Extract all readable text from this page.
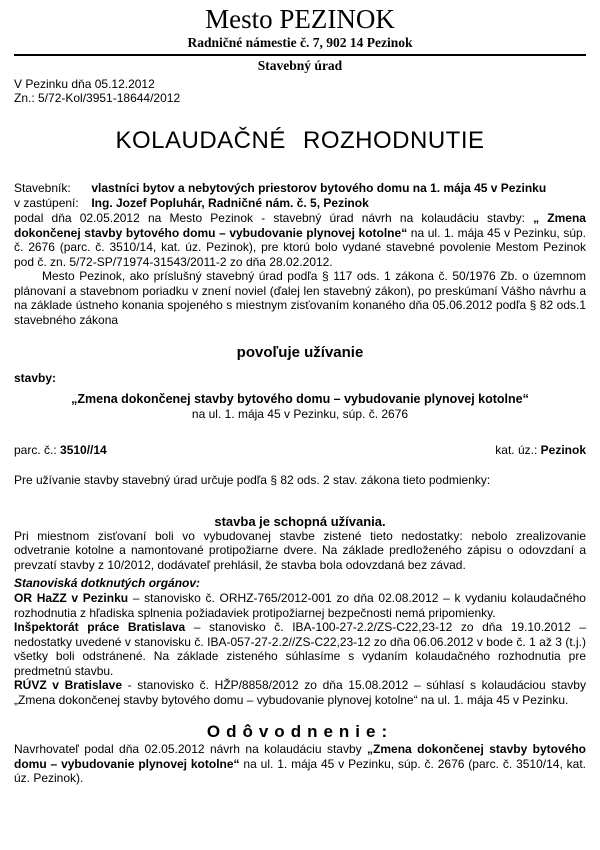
Mesto PEZINOK
Radničné námestie č. 7, 902 14 Pezinok
Stavebný úrad
V Pezinku dňa 05.12.2012
Zn.: 5/72-Kol/3951-18644/2012
KOLAUDAČNÉ ROZHODNUTIE
Stavebník: vlastníci bytov a nebytových priestorov bytového domu na 1. mája 45 v Pezinku
v zastúpení: Ing. Jozef Popluhár, Radničné nám. č. 5, Pezinok

podal dňa 02.05.2012 na Mesto Pezinok - stavebný úrad návrh na kolaudáciu stavby: „ Zmena dokončenej stavby bytového domu – vybudovanie plynovej kotolne“ na ul. 1. mája 45 v Pezinku, súp. č. 2676 (parc. č. 3510/14, kat. úz. Pezinok), pre ktorú bolo vydané stavebné povolenie Mestom Pezinok pod č. zn. 5/72-SP/71974-31543/2011-2 zo dňa 28.02.2012.

Mesto Pezinok, ako príslušný stavebný úrad podľa § 117 ods. 1 zákona č. 50/1976 Zb. o územnom plánovaní a stavebnom poriadku v znení noviel (ďalej len stavebný zákon), po preskúmaní Vášho návrhu a na základe ústneho konania spojeného s miestnym zisťovaním konaného dňa 05.06.2012 podľa § 82 ods.1 stavebného zákona

povoľuje užívanie
stavby:
„Zmena dokončenej stavby bytového domu – vybudovanie plynovej kotolne“
na ul. 1. mája 45 v Pezinku, súp. č. 2676
parc. č.: 3510//14	kat. úz.: Pezinok
Pre užívanie stavby stavebný úrad určuje podľa § 82 ods. 2 stav. zákona tieto podmienky:
stavba je schopná užívania.

Pri miestnom zisťovaní boli vo vybudovanej stavbe zistené tieto nedostatky: nebolo zrealizovanie odvetranie kotolne a namontované protipožiarne dvere. Na základe predloženého zápisu o odovzdaní a prevzatí stavby z 10/2012, dodávateľ prehlásil, že stavba bola odovzdaná bez závad.

Stanoviská dotknutých orgánov:

OR HaZZ v Pezinku – stanovisko č. ORHZ-765/2012-001 zo dňa 02.08.2012 – k vydaniu kolaudačného rozhodnutia z hľadiska splnenia požiadaviek protipožiarnej bezpečnosti nemá pripomienky.

Inšpektorát práce Bratislava – stanovisko č. IBA-100-27-2.2/ZS-C22,23-12 zo dňa 19.10.2012 – nedostatky uvedené v stanovisku č. IBA-057-27-2.2//ZS-C22,23-12 zo dňa 06.06.2012 v bode č. 1 až 3 (t.j.) všetky boli odstránené. Na základe zisteného súhlasíme s vydaním kolaudačného rozhodnutia pre predmetnú stavbu.

RÚVZ v Bratislave - stanovisko č. HŽP/8858/2012 zo dňa 15.08.2012 – súhlasí s kolaudáciou stavby „Zmena dokončenej stavby bytového domu – vybudovanie plynovej kotolne“ na ul. 1. mája 45 v Pezinku.

Odôvodnenie:

Navrhovateľ podal dňa 02.05.2012 návrh na kolaudáciu stavby „Zmena dokončenej stavby bytového domu – vybudovanie plynovej kotolne“ na ul. 1. mája 45 v Pezinku, súp. č. 2676 (parc. č. 3510/14, kat. úz. Pezinok).
